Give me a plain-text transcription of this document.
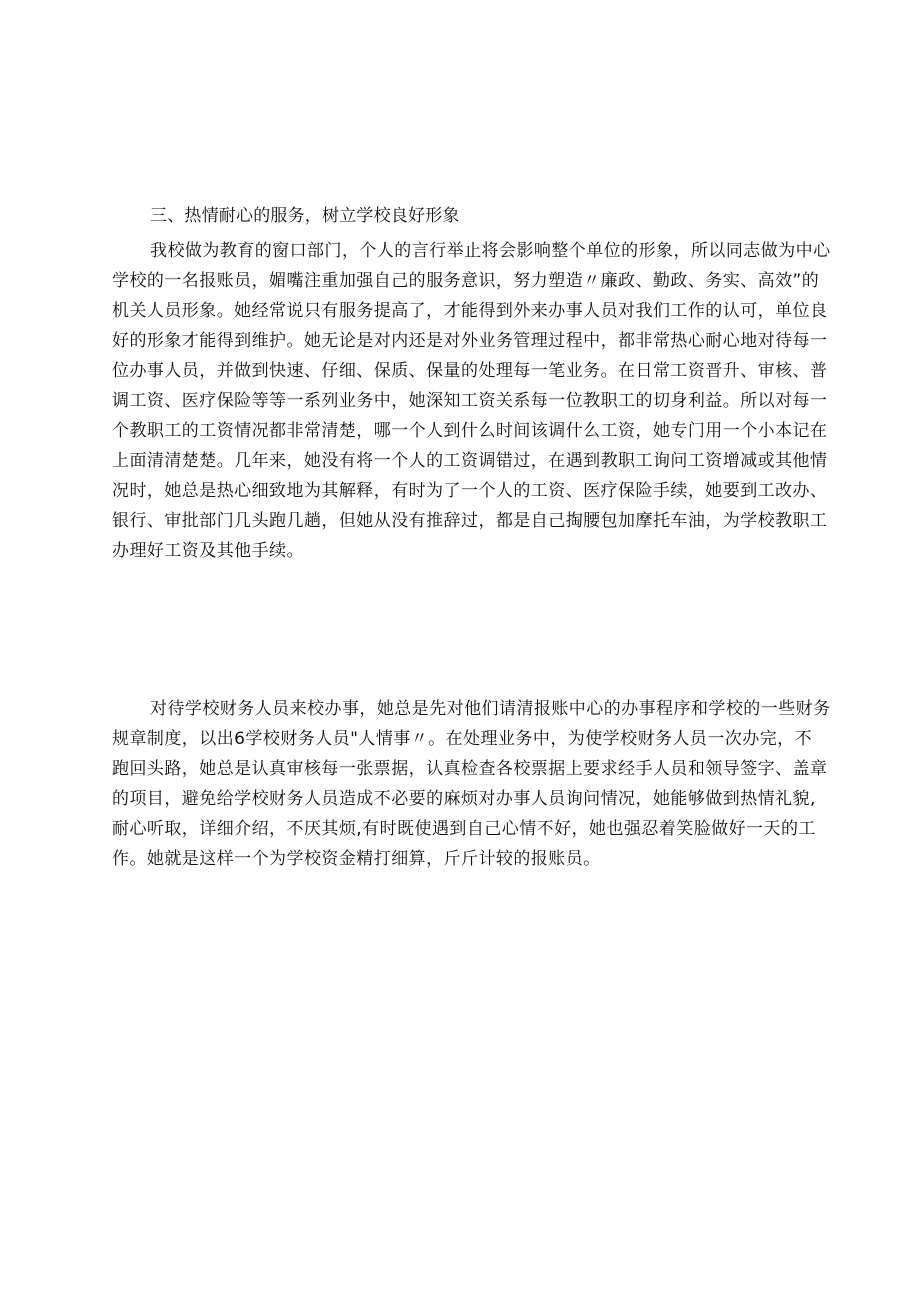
三、热情耐心的服务，树立学校良好形象
我校做为教育的窗口部门，个人的言行举止将会影响整个单位的形象，所以同志做为中心
学校的一名报账员，媚嘴注重加强自己的服务意识，努力塑造〃廉政、勤政、务实、高效”的
机关人员形象。她经常说只有服务提高了，才能得到外来办事人员对我们工作的认可，单位良
好的形象才能得到维护。她无论是对内还是对外业务管理过程中，都非常热心耐心地对待每一
位办事人员，并做到快速、仔细、保质、保量的处理每一笔业务。在日常工资晋升、审核、普
调工资、医疗保险等等一系列业务中，她深知工资关系每一位教职工的切身利益。所以对每一
个教职工的工资情况都非常清楚，哪一个人到什么时间该调什么工资，她专门用一个小本记在
上面清清楚楚。几年来，她没有将一个人的工资调错过，在遇到教职工询问工资增减或其他情
况时，她总是热心细致地为其解释，有时为了一个人的工资、医疗保险手续，她要到工改办、
银行、审批部门几头跑几趟，但她从没有推辞过，都是自己掏腰包加摩托车油，为学校教职工
办理好工资及其他手续。
对待学校财务人员来校办事，她总是先对他们请清报账中心的办事程序和学校的一些财务
规章制度，以出6学校财务人员"人情事〃。在处理业务中，为使学校财务人员一次办完，不
跑回头路，她总是认真审核每一张票据，认真检查各校票据上要求经手人员和领导签字、盖章
的项目，避免给学校财务人员造成不必要的麻烦对办事人员询问情况，她能够做到热情礼貌,
耐心听取，详细介绍，不厌其烦,有时既使遇到自己心情不好，她也强忍着笑脸做好一天的工
作。她就是这样一个为学校资金精打细算，斤斤计较的报账员。
